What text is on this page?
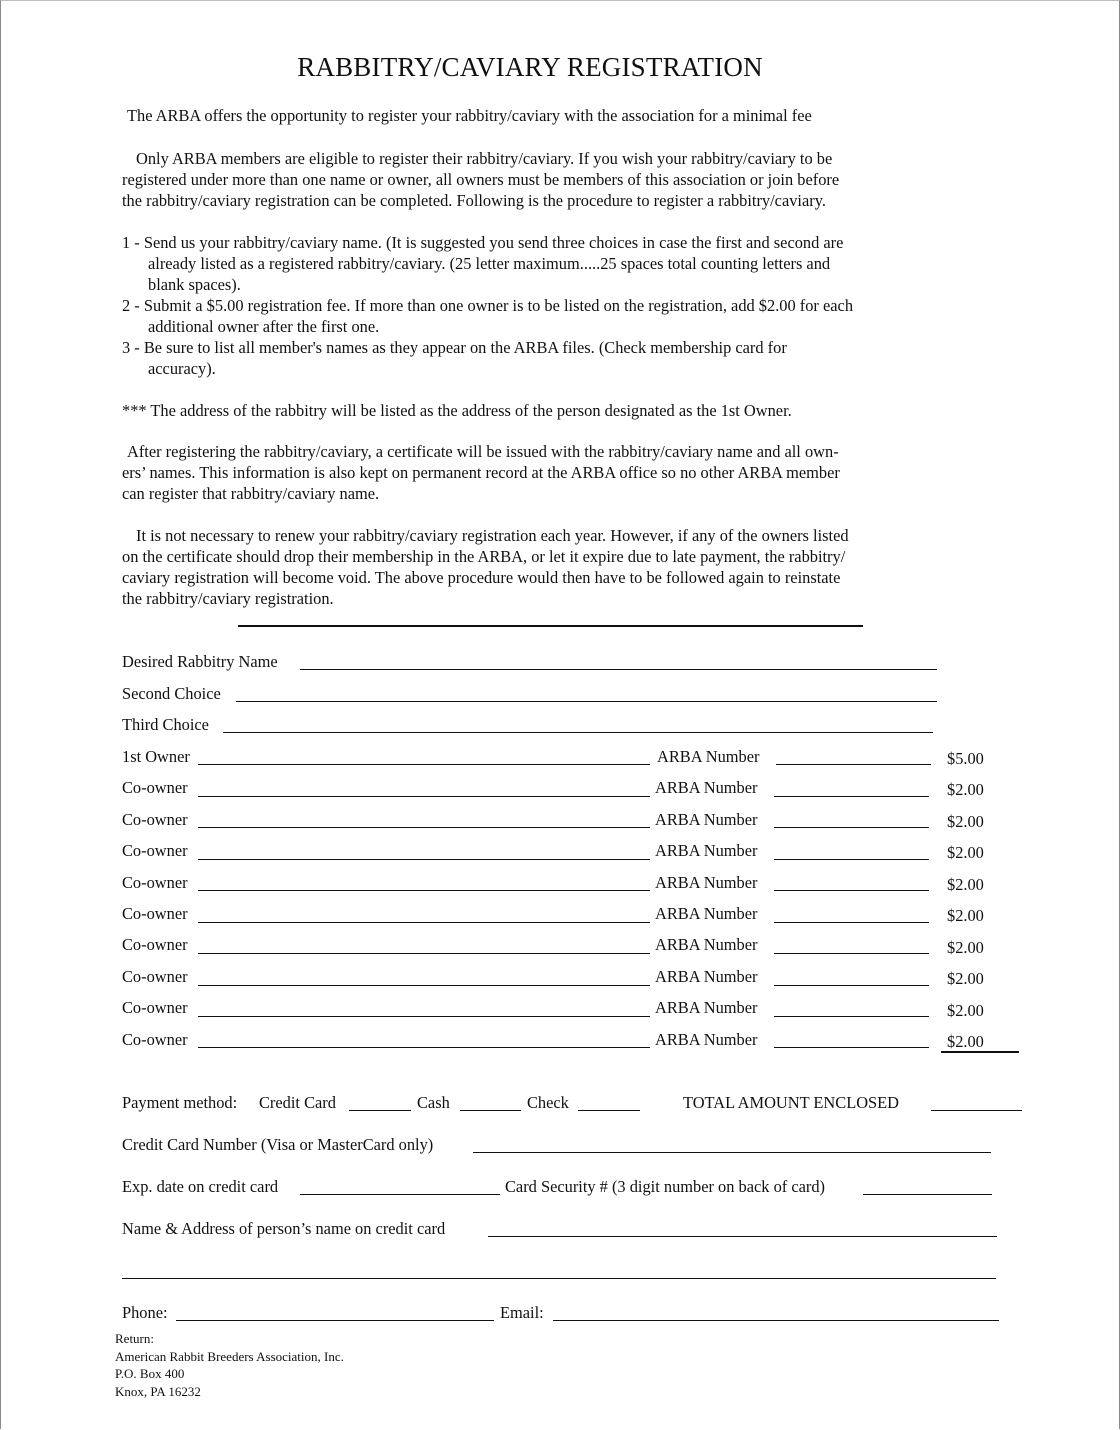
RABBITRY/CAVIARY REGISTRATION
The ARBA offers the opportunity to register your rabbitry/caviary with the association for a minimal fee
Only ARBA members are eligible to register their rabbitry/caviary. If you wish your rabbitry/caviary to be
registered under more than one name or owner, all owners must be members of this association or join before
the rabbitry/caviary registration can be completed. Following is the procedure to register a rabbitry/caviary.
1 - Send us your rabbitry/caviary name. (It is suggested you send three choices in case the first and second are
already listed as a registered rabbitry/caviary. (25 letter maximum.....25 spaces total counting letters and
blank spaces).
2 - Submit a $5.00 registration fee. If more than one owner is to be listed on the registration, add $2.00 for each
additional owner after the first one.
3 - Be sure to list all member's names as they appear on the ARBA files. (Check membership card for
accuracy).
*** The address of the rabbitry will be listed as the address of the person designated as the 1st Owner.
After registering the rabbitry/caviary, a certificate will be issued with the rabbitry/caviary name and all own-
ers’ names. This information is also kept on permanent record at the ARBA office so no other ARBA member
can register that rabbitry/caviary name.
It is not necessary to renew your rabbitry/caviary registration each year. However, if any of the owners listed
on the certificate should drop their membership in the ARBA, or let it expire due to late payment, the rabbitry/
caviary registration will become void. The above procedure would then have to be followed again to reinstate
the rabbitry/caviary registration.
Desired Rabbitry Name
Second Choice
Third Choice
1st Owner	ARBA Number	$5.00
Co-owner	ARBA Number	$2.00
Co-owner	ARBA Number	$2.00
Co-owner	ARBA Number	$2.00
Co-owner	ARBA Number	$2.00
Co-owner	ARBA Number	$2.00
Co-owner	ARBA Number	$2.00
Co-owner	ARBA Number	$2.00
Co-owner	ARBA Number	$2.00
Co-owner	ARBA Number	$2.00
Payment method: Credit Card	Cash	Check	TOTAL AMOUNT ENCLOSED
Credit Card Number (Visa or MasterCard only)
Exp. date on credit card	Card Security # (3 digit number on back of card)
Name & Address of person’s name on credit card
Phone:	Email:
Return:
American Rabbit Breeders Association, Inc.
P.O. Box 400
Knox, PA 16232
